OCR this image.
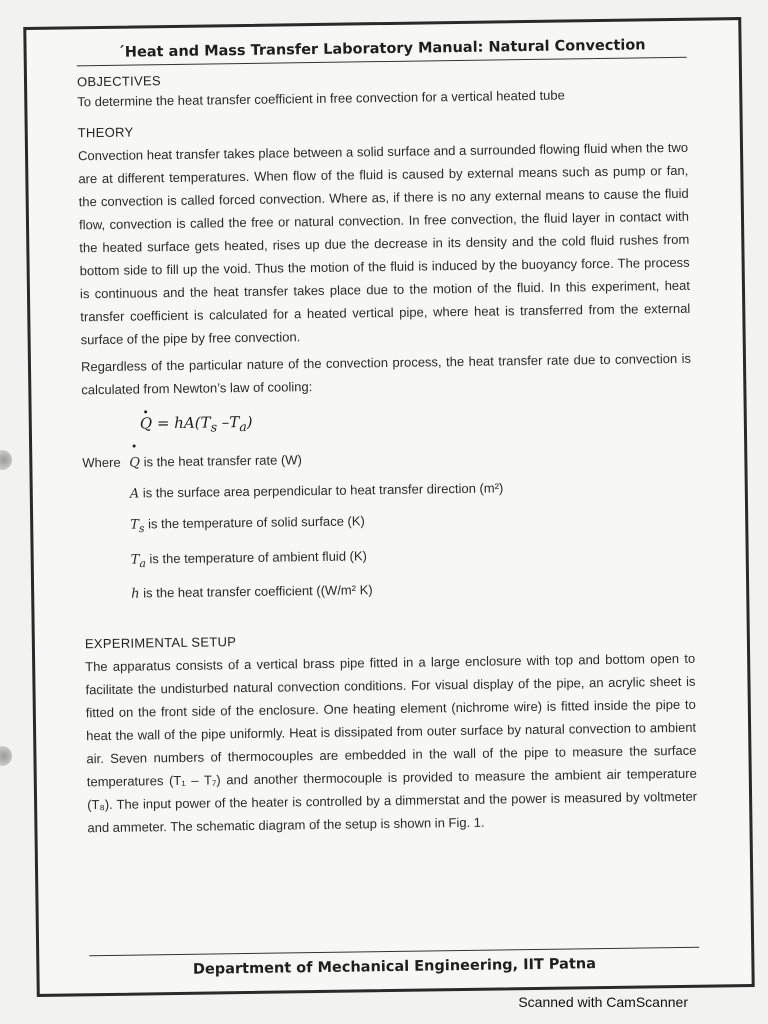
´Heat and Mass Transfer Laboratory Manual: Natural Convection
OBJECTIVES

To determine the heat transfer coefficient in free convection for a vertical heated tube

THEORY

Convection heat transfer takes place between a solid surface and a surrounded flowing fluid when the two are at different temperatures. When flow of the fluid is caused by external means such as pump or fan, the convection is called forced convection. Where as, if there is no any external means to cause the fluid flow, convection is called the free or natural convection. In free convection, the fluid layer in contact with the heated surface gets heated, rises up due the decrease in its density and the cold fluid rushes from bottom side to fill up the void. Thus the motion of the fluid is induced by the buoyancy force. The process is continuous and the heat transfer takes place due to the motion of the fluid. In this experiment, heat transfer coefficient is calculated for a heated vertical pipe, where heat is transferred from the external surface of the pipe by free convection.

Regardless of the particular nature of the convection process, the heat transfer rate due to convection is calculated from Newton’s law of cooling:

$Q = hA(T_s$ $-T_a$)
Where Q is the heat transfer rate (W)
A is the surface area perpendicular to heat transfer direction (m²)
$T_s$ is the temperature of solid surface (K)
$T_a$ is the temperature of ambient fluid (K)
h is the heat transfer coefficient ((W/m² K)
EXPERIMENTAL SETUP

The apparatus consists of a vertical brass pipe fitted in a large enclosure with top and bottom open to facilitate the undisturbed natural convection conditions. For visual display of the pipe, an acrylic sheet is fitted on the front side of the enclosure. One heating element (nichrome wire) is fitted inside the pipe to heat the wall of the pipe uniformly. Heat is dissipated from outer surface by natural convection to ambient air. Seven numbers of thermocouples are embedded in the wall of the pipe to measure the surface temperatures (T₁ – T₇) and another thermocouple is provided to measure the ambient air temperature (T₈). The input power of the heater is controlled by a dimmerstat and the power is measured by voltmeter and ammeter. The schematic diagram of the setup is shown in Fig. 1.

Department of Mechanical Engineering, IIT Patna
Scanned with CamScanner
